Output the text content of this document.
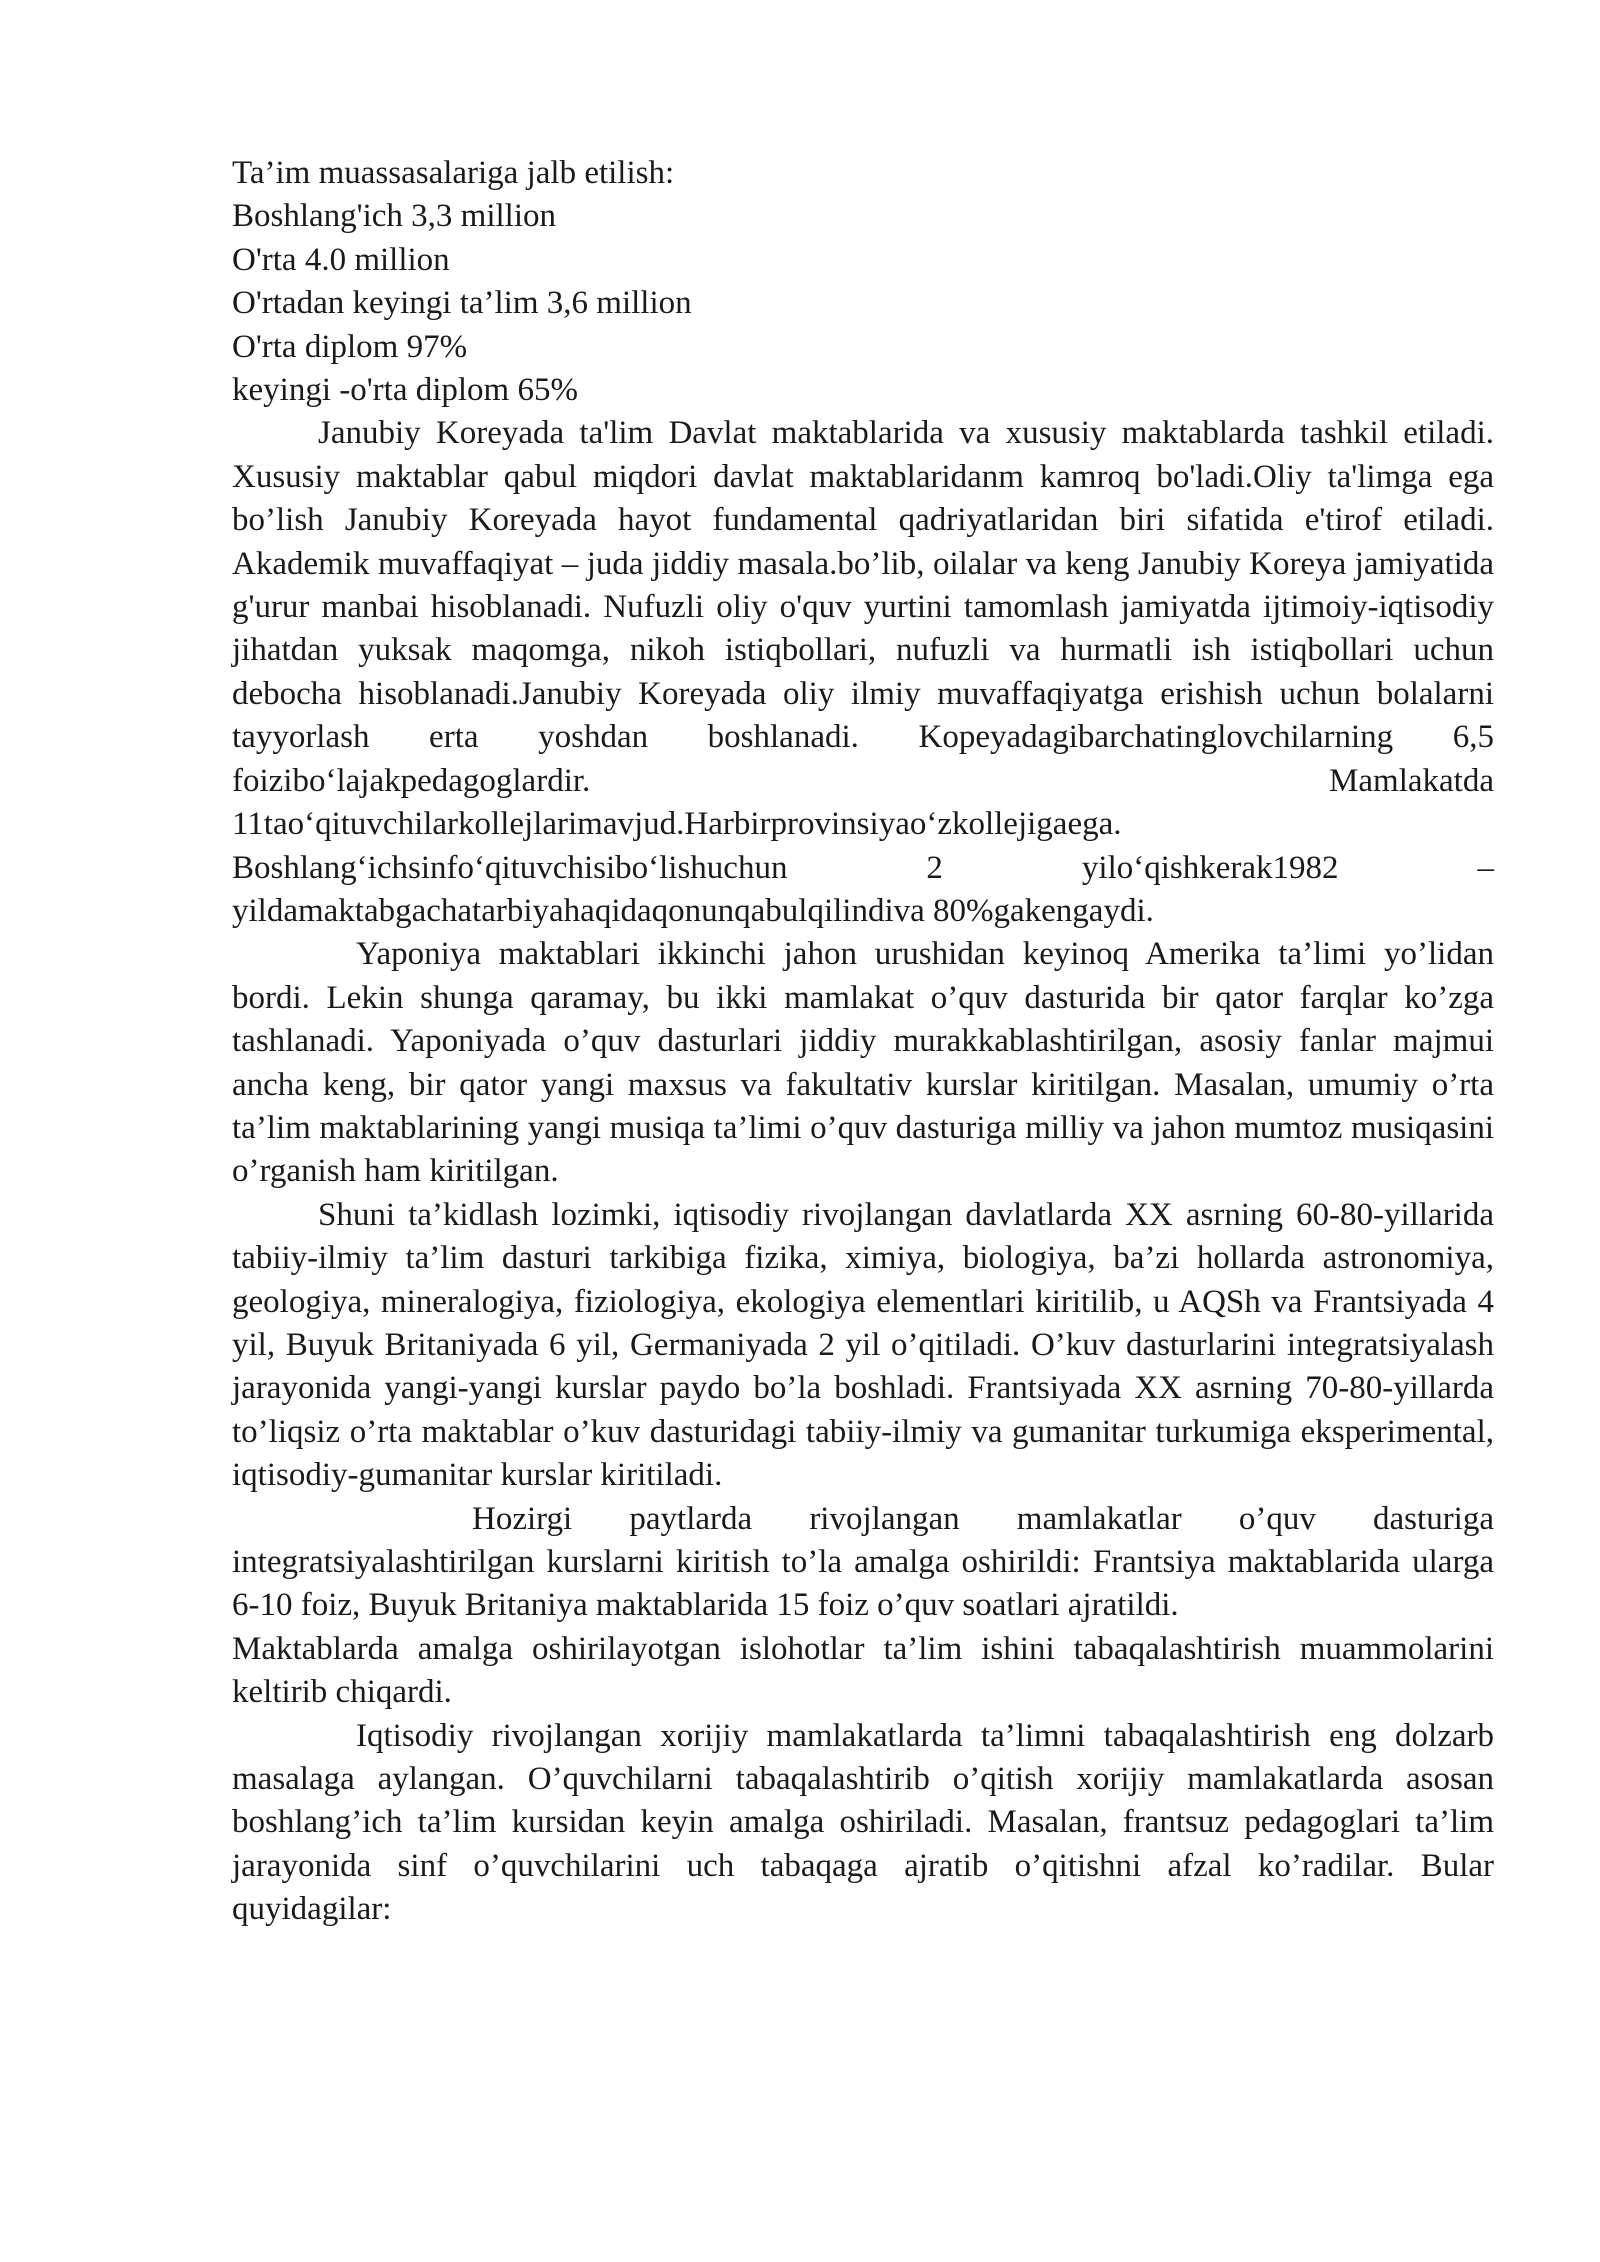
Ta’im muassasalariga jalb etilish:

Boshlang'ich 3,3 million

O'rta 4.0 million

O'rtadan keyingi ta’lim 3,6 million

O'rta diplom 97%

keyingi -o'rta diplom 65%

Janubiy Koreyada ta'lim Davlat maktablarida va xususiy maktablarda tashkil etiladi. Xususiy maktablar qabul miqdori davlat maktablaridanm kamroq bo'ladi.Oliy ta'limga ega bo’lish Janubiy Koreyada hayot fundamental qadriyatlaridan biri sifatida e'tirof etiladi. Akademik muvaffaqiyat – juda jiddiy masala.bo’lib, oilalar va keng Janubiy Koreya jamiyatida g'urur manbai hisoblanadi. Nufuzli oliy o'quv yurtini tamomlash jamiyatda ijtimoiy-iqtisodiy jihatdan yuksak maqomga, nikoh istiqbollari, nufuzli va hurmatli ish istiqbollari uchun debocha hisoblanadi.Janubiy Koreyada oliy ilmiy muvaffaqiyatga erishish uchun bolalarni tayyorlash erta yoshdan boshlanadi. Kopeyadagibarchatinglovchilarning 6,5 foizibo‘lajakpedagoglardir. Mamlakatda 11tao‘qituvchilarkollejlarimavjud.Harbirprovinsiyao‘zkollejigaega. Boshlang‘ichsinfo‘qituvchisibo‘lishuchun 2 yilo‘qishkerak1982 – yildamaktabgachatarbiyahaqidaqonunqabulqilindiva 80%gakengaydi.

Yaponiya maktablari ikkinchi jahon urushidan keyinoq Amerika ta’limi yo’lidan bordi. Lekin shunga qaramay, bu ikki mamlakat o’quv dasturida bir qator farqlar ko’zga tashlanadi. Yaponiyada o’quv dasturlari jiddiy murakkablashtirilgan, asosiy fanlar majmui ancha keng, bir qator yangi maxsus va fakultativ kurslar kiritilgan. Masalan, umumiy o’rta ta’lim maktablarining yangi musiqa ta’limi o’quv dasturiga milliy va jahon mumtoz musiqasini o’rganish ham kiritilgan.

Shuni ta’kidlash lozimki, iqtisodiy rivojlangan davlatlarda XX asrning 60-80-yillarida tabiiy-ilmiy ta’lim dasturi tarkibiga fizika, ximiya, biologiya, ba’zi hollarda astronomiya, geologiya, mineralogiya, fiziologiya, ekologiya elementlari kiritilib, u AQSh va Frantsiyada 4 yil, Buyuk Britaniyada 6 yil, Germaniyada 2 yil o’qitiladi. O’kuv dasturlarini integratsiyalash jarayonida yangi-yangi kurslar paydo bo’la boshladi. Frantsiyada XX asrning 70-80-yillarda to’liqsiz o’rta maktablar o’kuv dasturidagi tabiiy-ilmiy va gumanitar turkumiga eksperimental, iqtisodiy-gumanitar kurslar kiritiladi.

Hozirgi paytlarda rivojlangan mamlakatlar o’quv dasturiga integratsiyalashtirilgan kurslarni kiritish to’la amalga oshirildi: Frantsiya maktablarida ularga 6-10 foiz, Buyuk Britaniya maktablarida 15 foiz o’quv soatlari ajratildi.

Maktablarda amalga oshirilayotgan islohotlar ta’lim ishini tabaqalashtirish muammolarini keltirib chiqardi.

Iqtisodiy rivojlangan xorijiy mamlakatlarda ta’limni tabaqalashtirish eng dolzarb masalaga aylangan. O’quvchilarni tabaqalashtirib o’qitish xorijiy mamlakatlarda asosan boshlang’ich ta’lim kursidan keyin amalga oshiriladi. Masalan, frantsuz pedagoglari ta’lim jarayonida sinf o’quvchilarini uch tabaqaga ajratib o’qitishni afzal ko’radilar. Bular quyidagilar:
